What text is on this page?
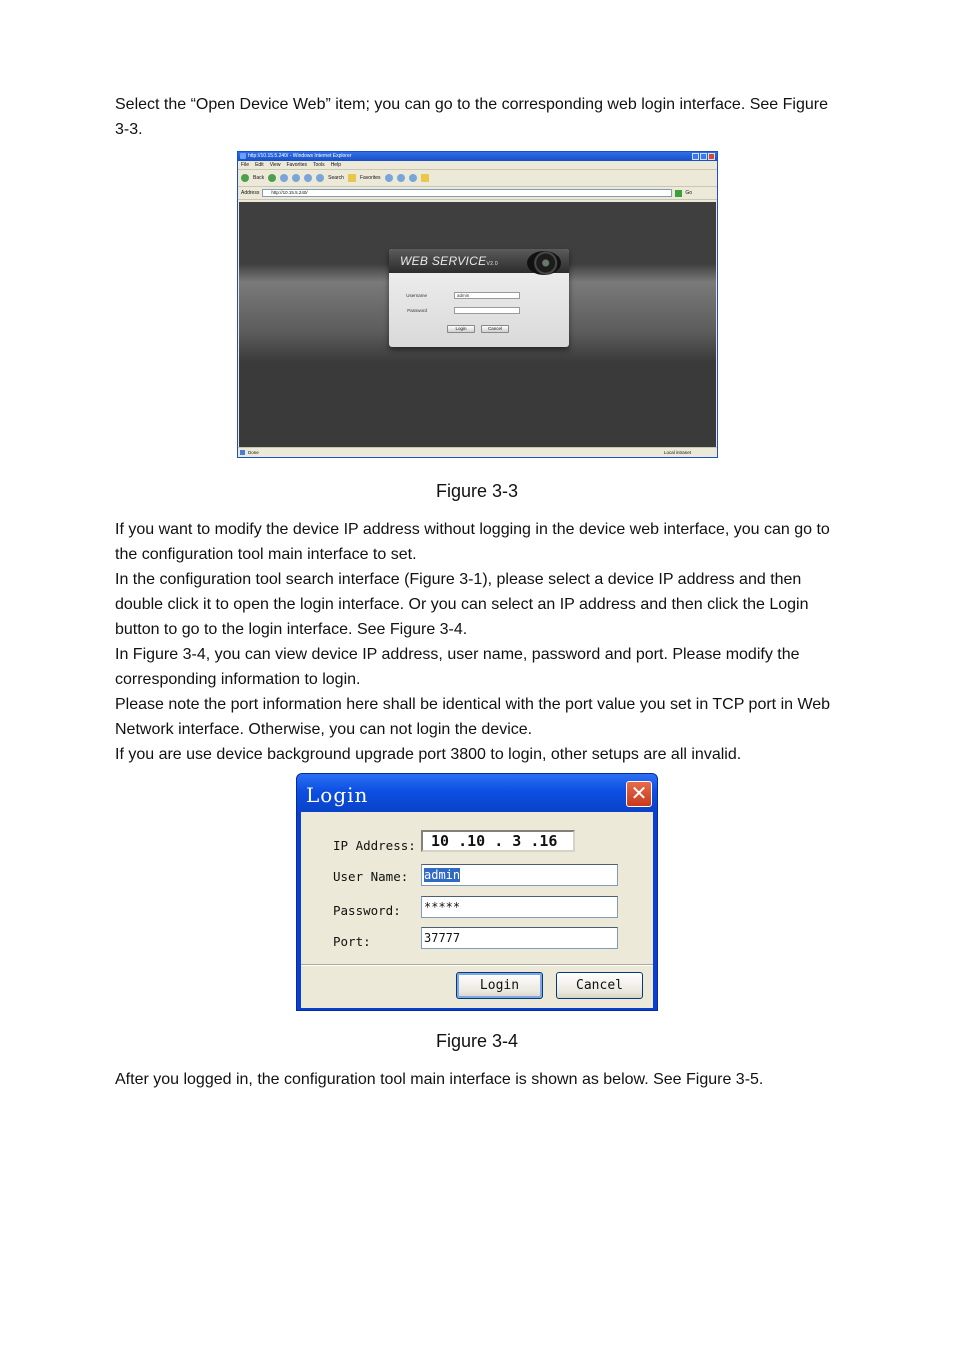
Select the “Open Device Web” item; you can go to the corresponding web login interface. See Figure 3-3.

http://10.15.5.240/ - Windows Internet Explorer
File Edit View Favorites Tools Help
Back	Search	Favorites
Address	http://10.15.5.240/	Go
WEB SERVICEV2.0
Username	admin
Password
Login	Cancel
Done	Local intranet
Figure 3-3

If you want to modify the device IP address without logging in the device web interface, you can go to the configuration tool main interface to set.

In the configuration tool search interface (Figure 3-1), please select a device IP address and then double click it to open the login interface. Or you can select an IP address and then click the Login button to go to the login interface. See Figure 3-4.

In Figure 3-4, you can view device IP address, user name, password and port. Please modify the corresponding information to login.

Please note the port information here shall be identical with the port value you set in TCP port in Web Network interface. Otherwise, you can not login the device.

If you are use device background upgrade port 3800 to login, other setups are all invalid.

Login	✕
IP Address:	10 .10 . 3 .16
User Name: admin
Password: *****
Port:	37777
Login	Cancel
Figure 3-4

After you logged in, the configuration tool main interface is shown as below. See Figure 3-5.
